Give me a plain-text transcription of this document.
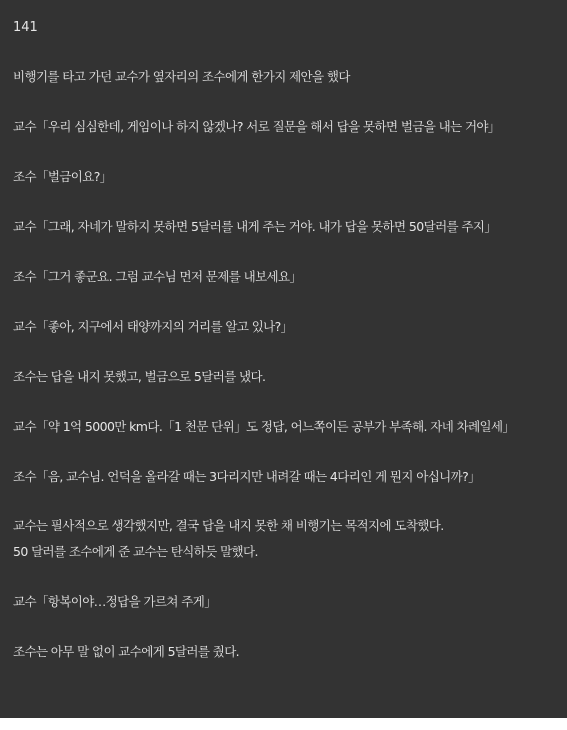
141

비행기를 타고 가던 교수가 옆자리의 조수에게 한가지 제안을 했다

교수「우리 심심한데, 게임이나 하지 않겠나? 서로 질문을 해서 답을 못하면 벌금을 내는 거야」

조수「벌금이요?」

교수「그래, 자네가 말하지 못하면 5달러를 내게 주는 거야. 내가 답을 못하면 50달러를 주지」

조수「그거 좋군요. 그럼 교수님 먼저 문제를 내보세요」

교수「좋아, 지구에서 태양까지의 거리를 알고 있나?」

조수는 답을 내지 못했고, 벌금으로 5달러를 냈다.

교수「약 1억 5000만 km다.「1 천문 단위」도 정답, 어느쪽이든 공부가 부족해. 자네 차례일세」

조수「음, 교수님. 언덕을 올라갈 때는 3다리지만 내려갈 때는 4다리인 게 뭔지 아십니까?」

교수는 필사적으로 생각했지만, 결국 답을 내지 못한 채 비행기는 목적지에 도착했다.

50 달러를 조수에게 준 교수는 탄식하듯 말했다.

교수「항복이야…정답을 가르쳐 주게」

조수는 아무 말 없이 교수에게 5달러를 줬다.
